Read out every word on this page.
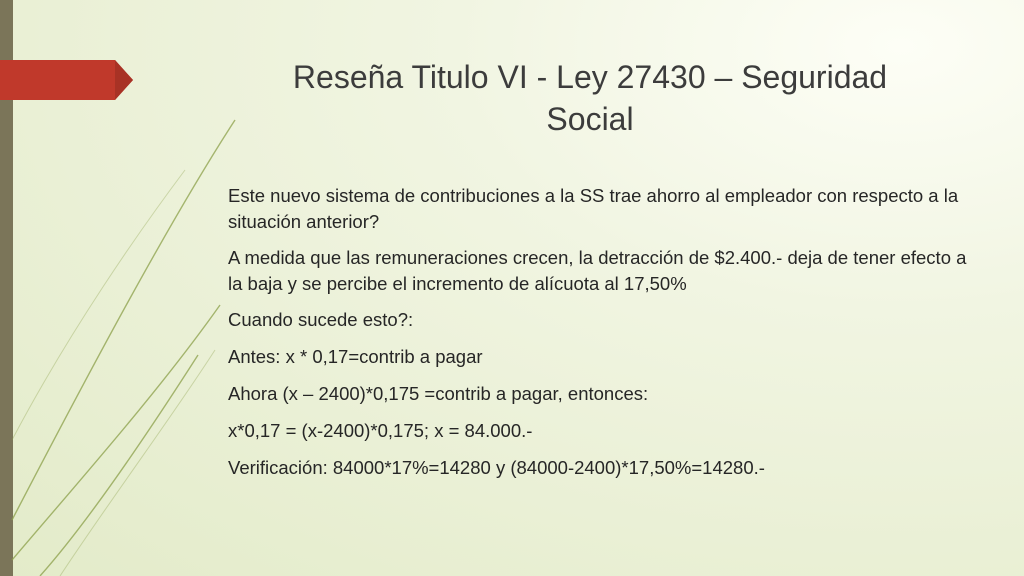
Reseña Titulo VI - Ley 27430 – Seguridad
Social
Este nuevo sistema de contribuciones a la SS trae ahorro al empleador con respecto a la situación anterior?
A medida que las remuneraciones crecen, la detracción de $2.400.- deja de tener efecto a la baja y se percibe el incremento de alícuota al 17,50%
Cuando sucede esto?:
Antes: x * 0,17=contrib a pagar
Ahora (x – 2400)*0,175 =contrib a pagar, entonces:
x*0,17 = (x-2400)*0,175; x = 84.000.-
Verificación: 84000*17%=14280 y (84000-2400)*17,50%=14280.-
